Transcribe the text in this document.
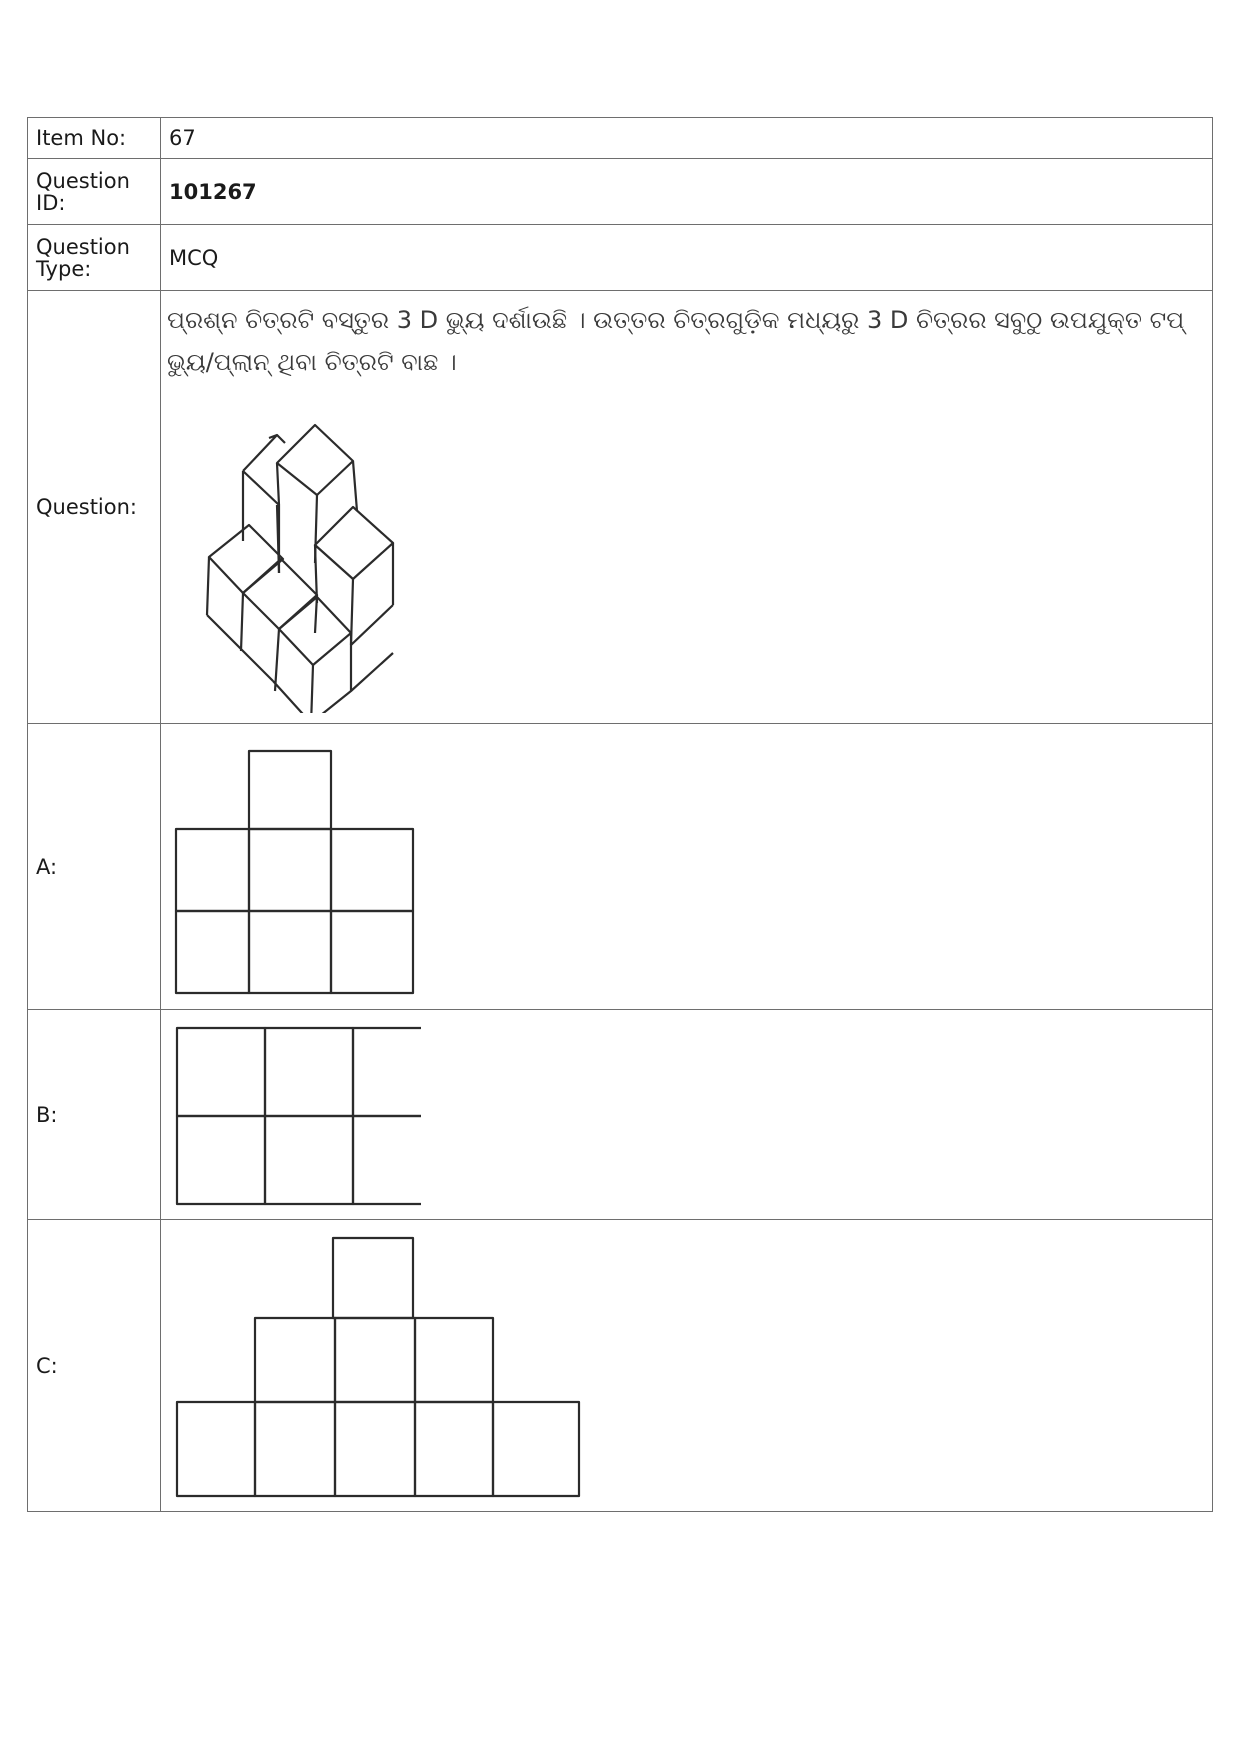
Item No:	67
Question ID:	101267
Question Type:	MCQ
Question:	ପ୍ରଶ୍ନ ଚିତ୍ରଟି ବସ୍ତୁର 3 D ଭ୍ୟୁ ଦର୍ଶାଉଛି । ଉତ୍ତର ଚିତ୍ରଗୁଡ଼ିକ ମଧ୍ୟରୁ 3 D ଚିତ୍ରର ସବୁଠୁ ଉପଯୁକ୍ତ ଟପ୍ ଭ୍ୟୁ/ପ୍ଲାନ୍ ଥିବା ଚିତ୍ରଟି ବାଛ ।

A:	

B:	

C:	
